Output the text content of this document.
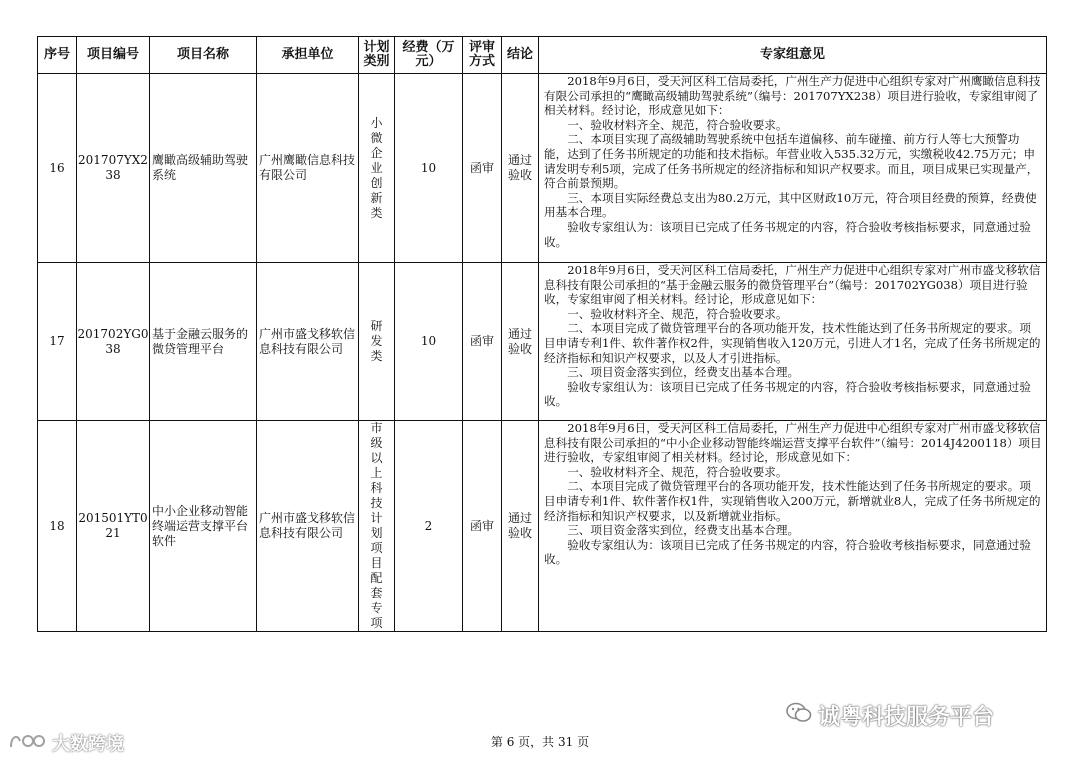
序号	项目编号	项目名称	承担单位	计划类别	经费（万元）	评审方式	结论	专家组意见
16	201707YX238	鹰瞰高级辅助驾驶系统	广州鹰瞰信息科技有限公司	小微企业创新类	10	函审	通过验收	2018年9月6日，受天河区科工信局委托，广州生产力促进中心组织专家对广州鹰瞰信息科技有限公司承担的“鹰瞰高级辅助驾驶系统”（编号：201707YX238）项目进行验收，专家组审阅了相关材料。经讨论，形成意见如下：

一、验收材料齐全、规范，符合验收要求。

二、本项目实现了高级辅助驾驶系统中包括车道偏移、前车碰撞、前方行人等七大预警功能，达到了任务书所规定的功能和技术指标。年营业收入535.32万元，实缴税收42.75万元；申请发明专利5项，完成了任务书所规定的经济指标和知识产权要求。而且，项目成果已实现量产，符合前景预期。

三、本项目实际经费总支出为80.2万元，其中区财政10万元，符合项目经费的预算，经费使用基本合理。

验收专家组认为：该项目已完成了任务书规定的内容，符合验收考核指标要求，同意通过验收。

17	201702YG038	基于金融云服务的微贷管理平台	广州市盛戈移软信息科技有限公司	研发类	10	函审	通过验收	2018年9月6日，受天河区科工信局委托，广州生产力促进中心组织专家对广州市盛戈移软信息科技有限公司承担的“基于金融云服务的微贷管理平台”（编号：201702YG038）项目进行验收，专家组审阅了相关材料。经讨论，形成意见如下：

一、验收材料齐全、规范，符合验收要求。

二、本项目完成了微贷管理平台的各项功能开发，技术性能达到了任务书所规定的要求。项目申请专利1件、软件著作权2件，实现销售收入120万元，引进人才1名，完成了任务书所规定的经济指标和知识产权要求，以及人才引进指标。

三、项目资金落实到位，经费支出基本合理。

验收专家组认为：该项目已完成了任务书规定的内容，符合验收考核指标要求，同意通过验收。

18	201501YT021	中小企业移动智能终端运营支撑平台软件	广州市盛戈移软信息科技有限公司	市级以上科技计划项目配套专项	2	函审	通过验收	2018年9月6日，受天河区科工信局委托，广州生产力促进中心组织专家对广州市盛戈移软信息科技有限公司承担的“中小企业移动智能终端运营支撑平台软件”（编号：2014J4200118）项目进行验收，专家组审阅了相关材料。经讨论，形成意见如下：

一、验收材料齐全、规范，符合验收要求。

二、本项目完成了微贷管理平台的各项功能开发，技术性能达到了任务书所规定的要求。项目申请专利1件、软件著作权1件，实现销售收入200万元，新增就业8人，完成了任务书所规定的经济指标和知识产权要求，以及新增就业指标。

三、项目资金落实到位，经费支出基本合理。

验收专家组认为：该项目已完成了任务书规定的内容，符合验收考核指标要求，同意通过验收。

诚粤科技服务平台
大数跨境	第 6 页，共 31 页
